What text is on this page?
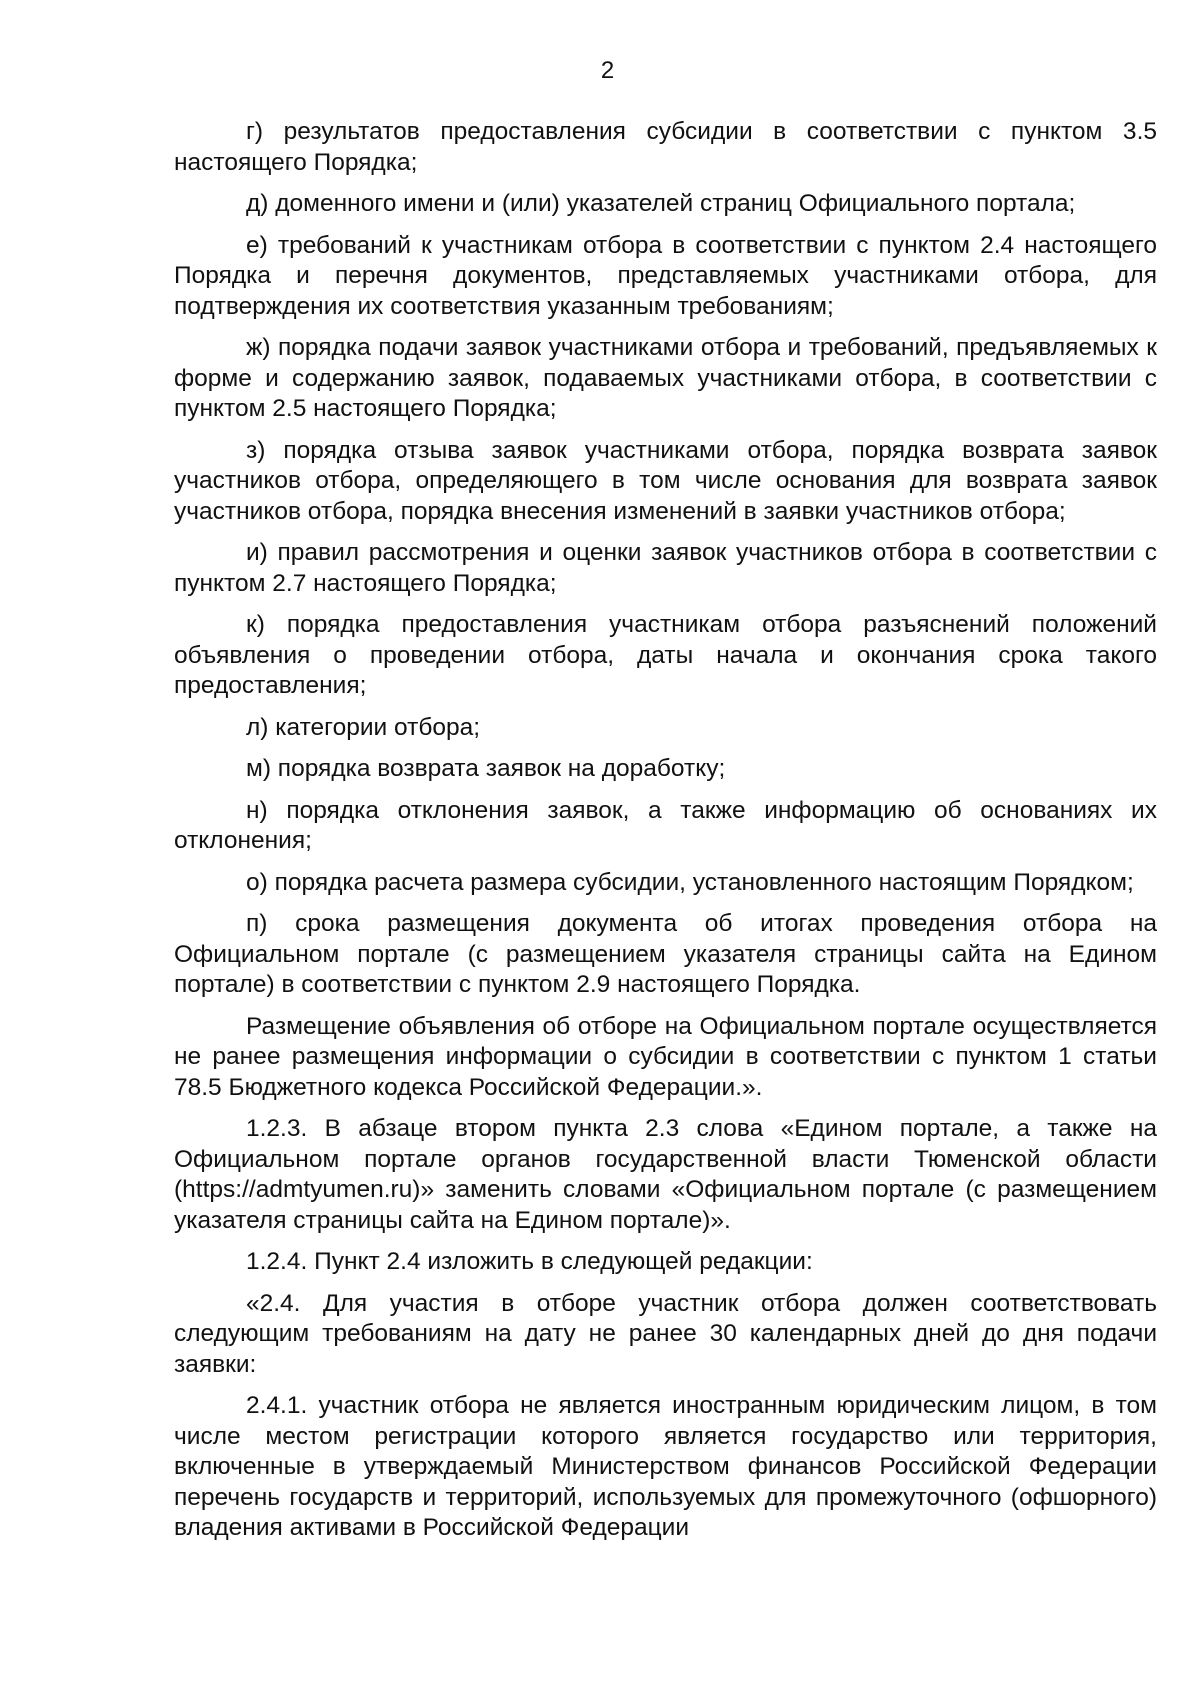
2

г) результатов предоставления субсидии в соответствии с пунктом 3.5 настоящего Порядка;

д) доменного имени и (или) указателей страниц Официального портала;

е) требований к участникам отбора в соответствии с пунктом 2.4 настоящего Порядка и перечня документов, представляемых участниками отбора, для подтверждения их соответствия указанным требованиям;

ж) порядка подачи заявок участниками отбора и требований, предъявляемых к форме и содержанию заявок, подаваемых участниками отбора, в соответствии с пунктом 2.5 настоящего Порядка;

з) порядка отзыва заявок участниками отбора, порядка возврата заявок участников отбора, определяющего в том числе основания для возврата заявок участников отбора, порядка внесения изменений в заявки участников отбора;

и) правил рассмотрения и оценки заявок участников отбора в соответствии с пунктом 2.7 настоящего Порядка;

к) порядка предоставления участникам отбора разъяснений положений объявления о проведении отбора, даты начала и окончания срока такого предоставления;

л) категории отбора;

м) порядка возврата заявок на доработку;

н) порядка отклонения заявок, а также информацию об основаниях их отклонения;

о) порядка расчета размера субсидии, установленного настоящим Порядком;

п) срока размещения документа об итогах проведения отбора на Официальном портале (с размещением указателя страницы сайта на Едином портале) в соответствии с пунктом 2.9 настоящего Порядка.

Размещение объявления об отборе на Официальном портале осуществляется не ранее размещения информации о субсидии в соответствии с пунктом 1 статьи 78.5 Бюджетного кодекса Российской Федерации.».

1.2.3. В абзаце втором пункта 2.3 слова «Едином портале, а также на Официальном портале органов государственной власти Тюменской области (https://admtyumen.ru)» заменить словами «Официальном портале (с размещением указателя страницы сайта на Едином портале)».

1.2.4. Пункт 2.4 изложить в следующей редакции:

«2.4. Для участия в отборе участник отбора должен соответствовать следующим требованиям на дату не ранее 30 календарных дней до дня подачи заявки:

2.4.1. участник отбора не является иностранным юридическим лицом, в том числе местом регистрации которого является государство или территория, включенные в утверждаемый Министерством финансов Российской Федерации перечень государств и территорий, используемых для промежуточного (офшорного) владения активами в Российской Федерации
